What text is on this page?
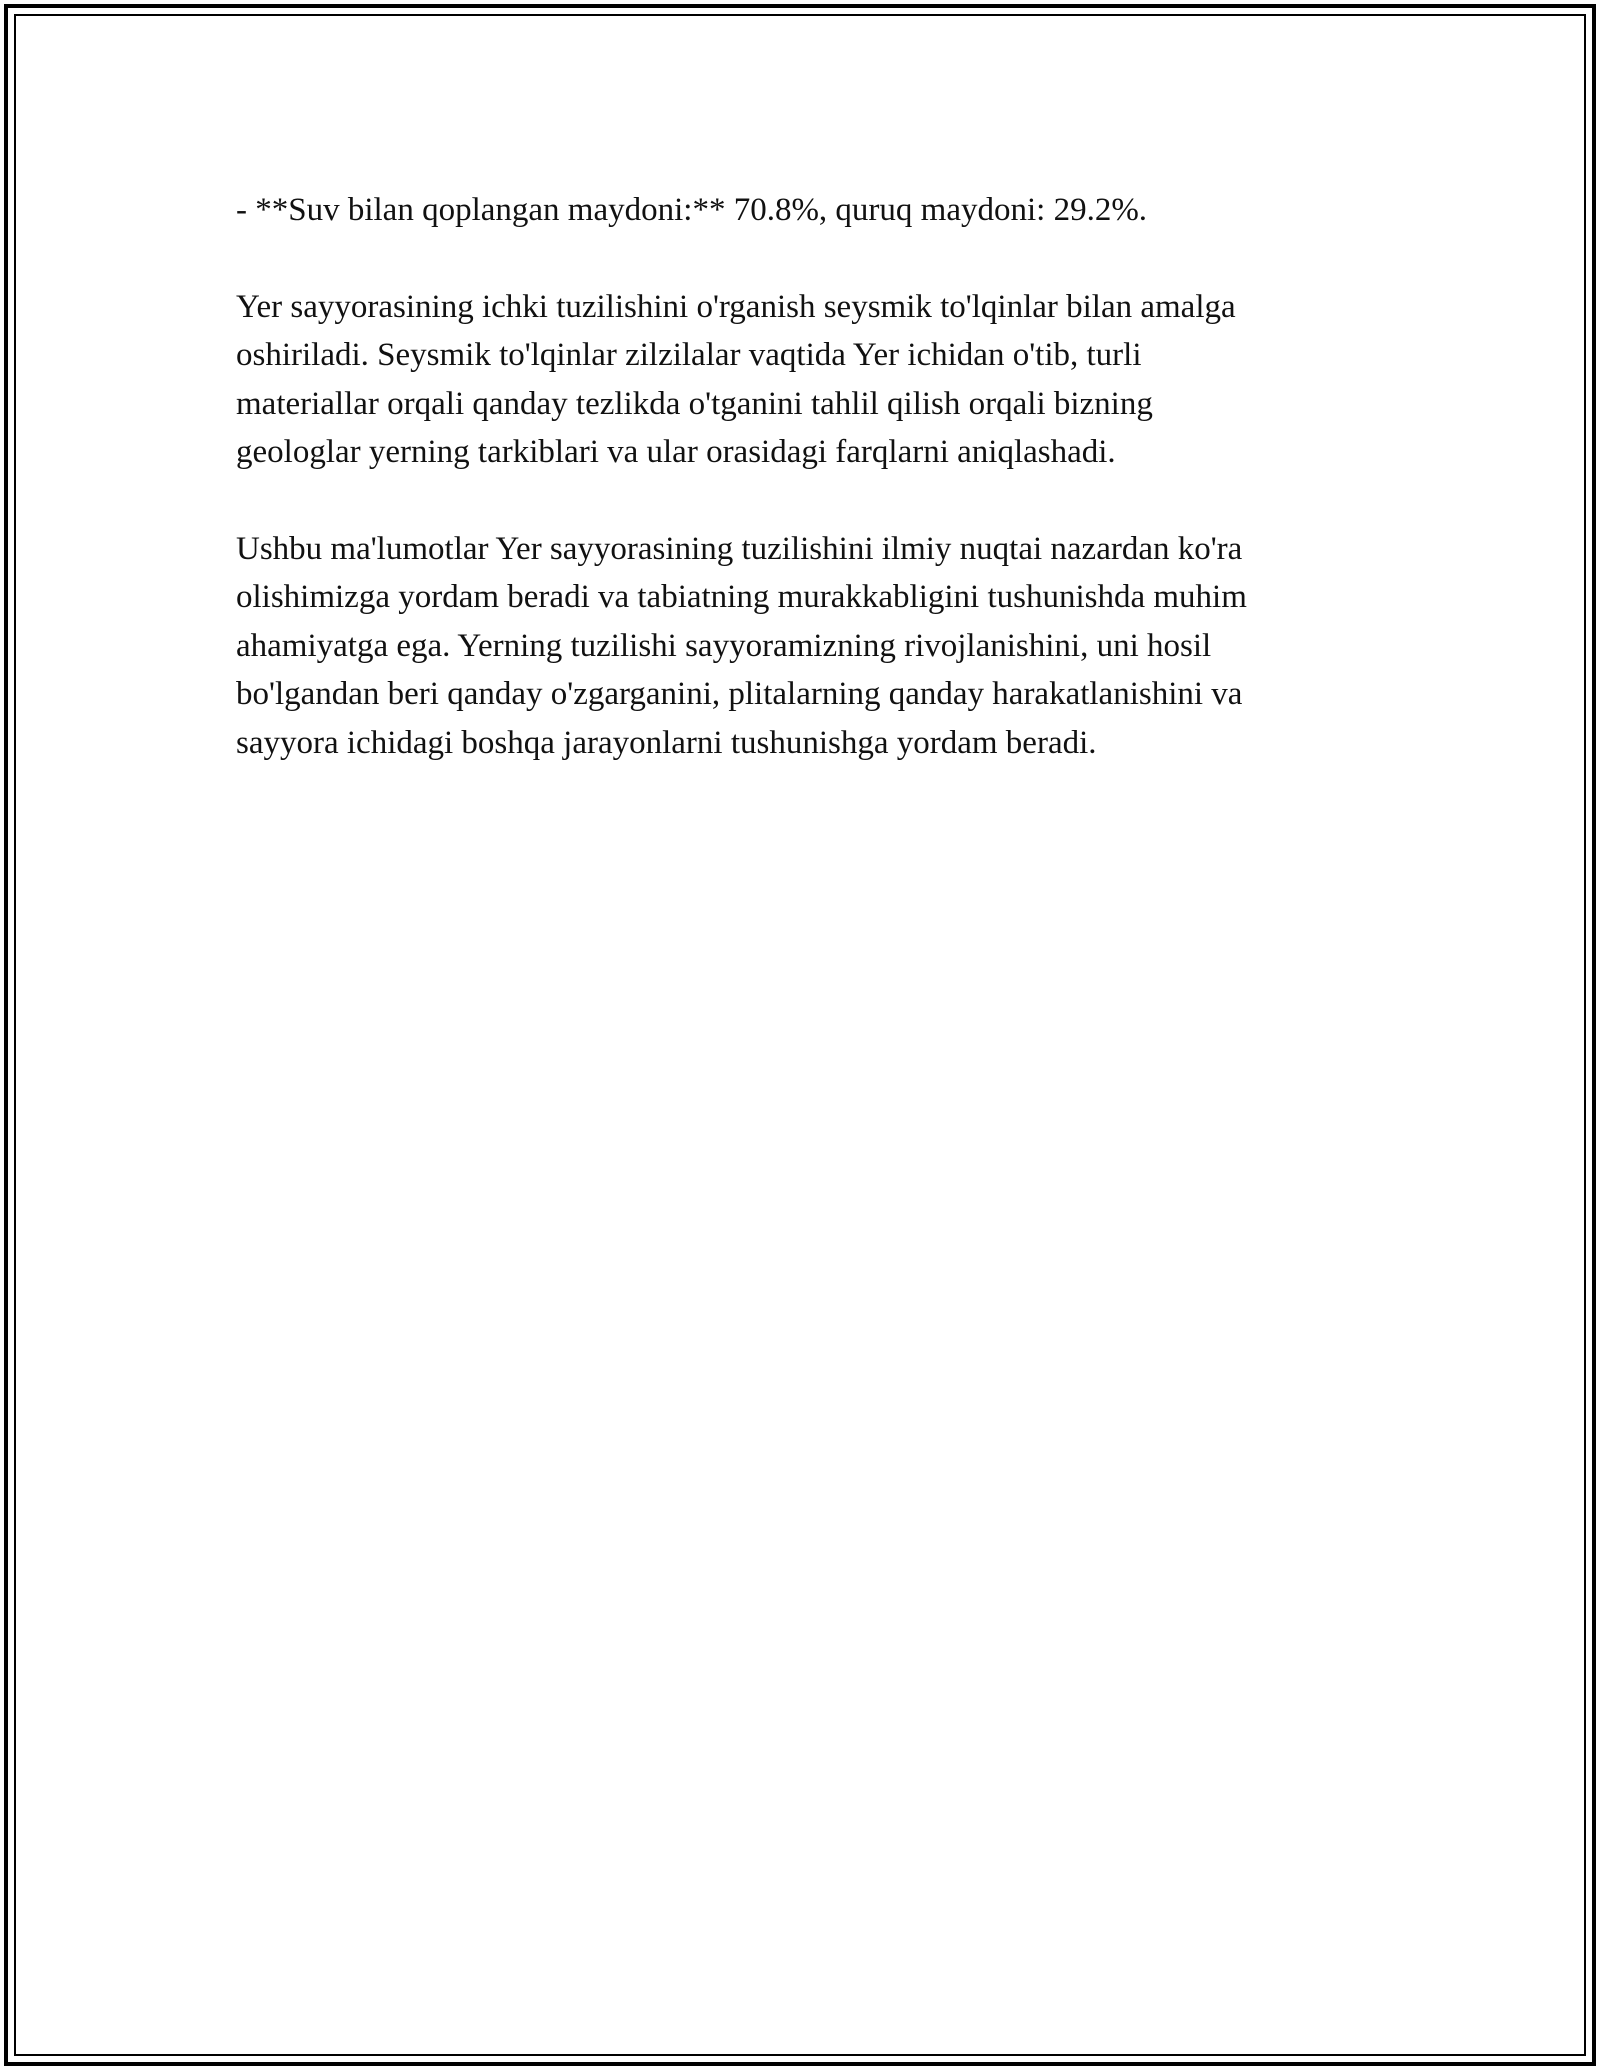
- **Suv bilan qoplangan maydoni:** 70.8%, quruq maydoni: 29.2%.

Yer sayyorasining ichki tuzilishini o'rganish seysmik to'lqinlar bilan amalga
oshiriladi. Seysmik to'lqinlar zilzilalar vaqtida Yer ichidan o'tib, turli
materiallar orqali qanday tezlikda o'tganini tahlil qilish orqali bizning
geologlar yerning tarkiblari va ular orasidagi farqlarni aniqlashadi.

Ushbu ma'lumotlar Yer sayyorasining tuzilishini ilmiy nuqtai nazardan ko'ra
olishimizga yordam beradi va tabiatning murakkabligini tushunishda muhim
ahamiyatga ega. Yerning tuzilishi sayyoramizning rivojlanishini, uni hosil
bo'lgandan beri qanday o'zgarganini, plitalarning qanday harakatlanishini va
sayyora ichidagi boshqa jarayonlarni tushunishga yordam beradi.
